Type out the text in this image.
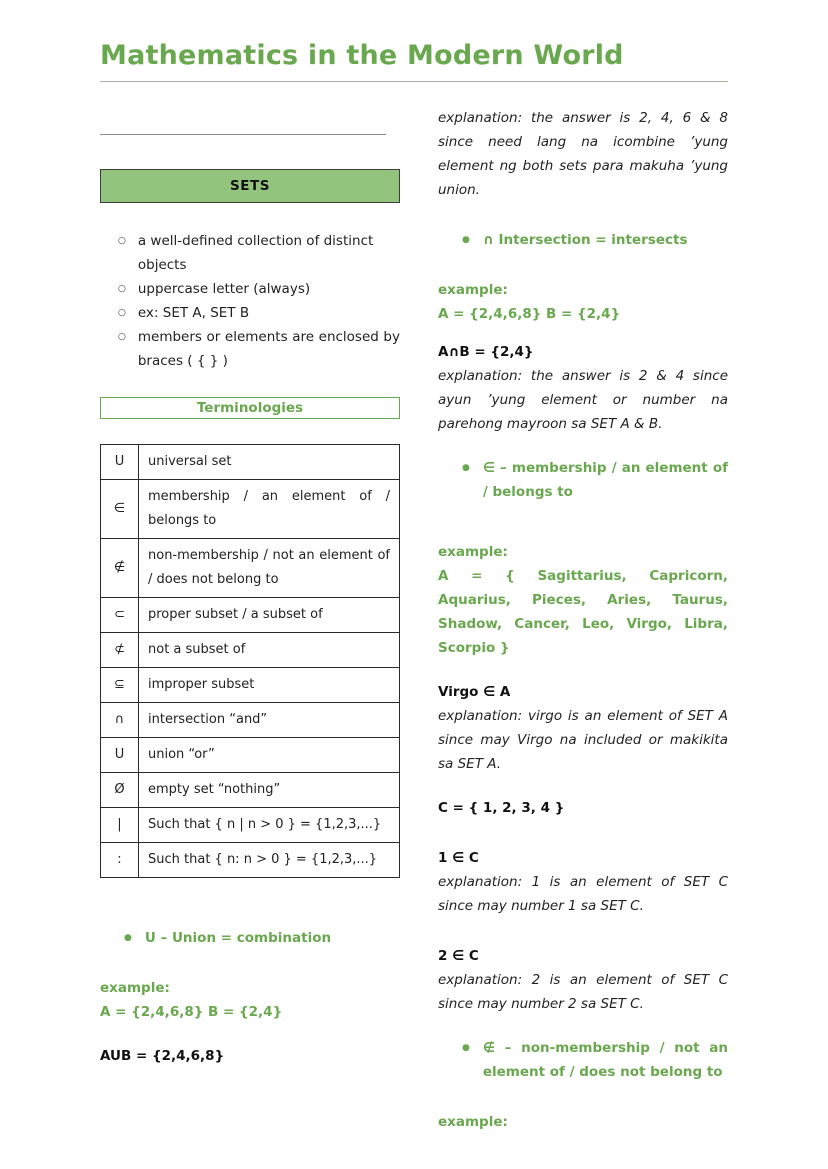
Mathematics in the Modern World
SETS
○ a well-defined collection of distinct objects
○ uppercase letter (always)
○ ex: SET A, SET B
○ members or elements are enclosed by braces ( { } )
Terminologies
U	universal set
∈	membership / an element of / belongs to
∉	non-membership / not an element of / does not belong to
⊂	proper subset / a subset of
⊄	not a subset of
⊆	improper subset
∩	intersection “and”
U	union “or”
Ø	empty set “nothing”
|	Such that { n | n > 0 } = {1,2,3,...}
:	Such that { n: n > 0 } = {1,2,3,...}
● U – Union = combination
example:
A = {2,4,6,8} B = {2,4}
AUB = {2,4,6,8}

explanation: the answer is 2, 4, 6 & 8 since need lang na icombine ’yung element ng both sets para makuha ’yung union.

● ∩ Intersection = intersects
example:
A = {2,4,6,8} B = {2,4}
A∩B = {2,4}

explanation: the answer is 2 & 4 since ayun ’yung element or number na parehong mayroon sa SET A & B.

● ∈ – membership / an element of / belongs to
example:
A = { Sagittarius, Capricorn, Aquarius, Pieces, Aries, Taurus, Shadow, Cancer, Leo, Virgo, Libra, Scorpio }
Virgo ∈ A

explanation: virgo is an element of SET A since may Virgo na included or makikita sa SET A.

C = { 1, 2, 3, 4 }
1 ∈ C

explanation: 1 is an element of SET C since may number 1 sa SET C.

2 ∈ C

explanation: 2 is an element of SET C since may number 2 sa SET C.

● ∉ – non-membership / not an element of / does not belong to
example:
